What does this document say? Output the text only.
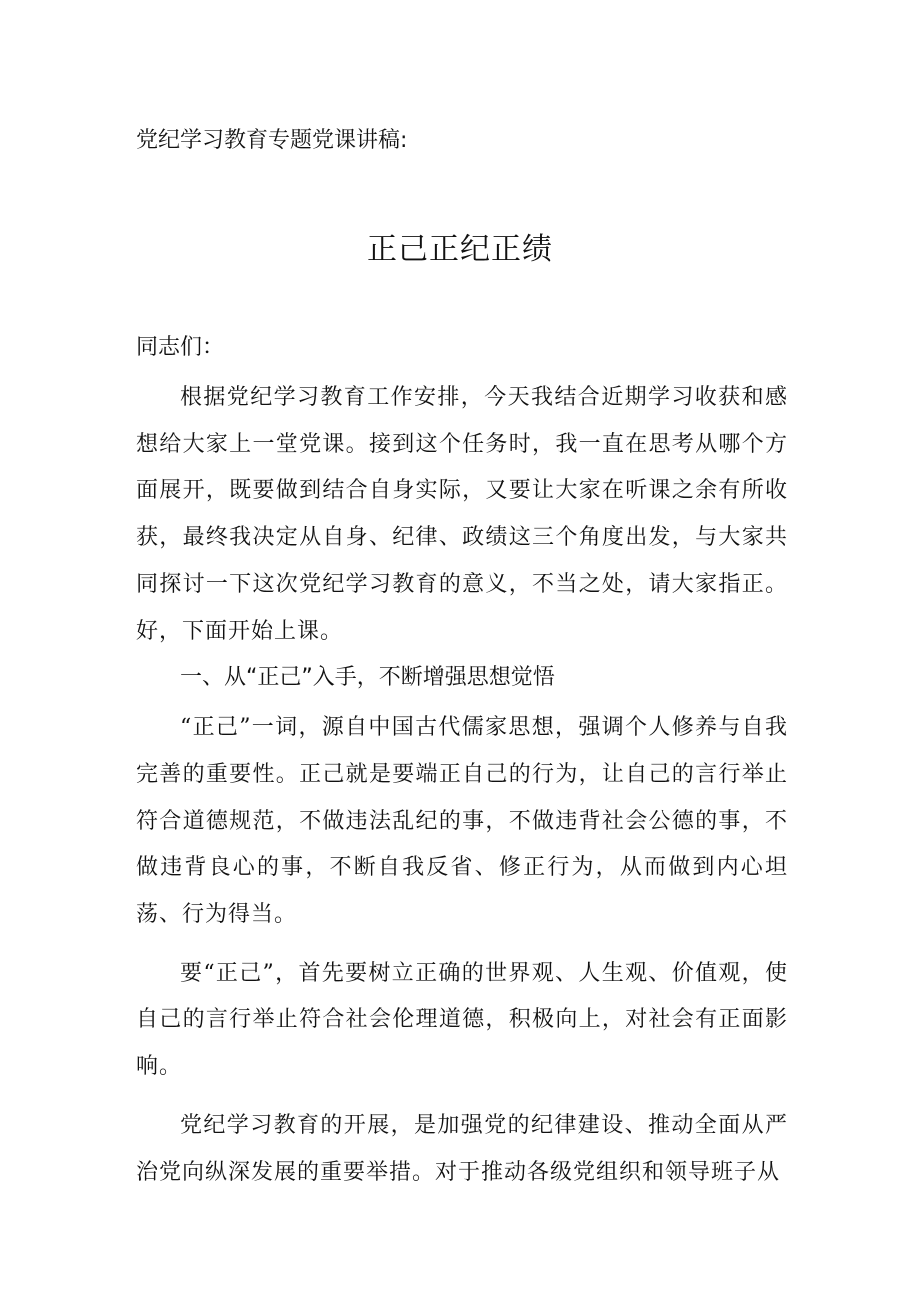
党纪学习教育专题党课讲稿:
正己正纪正绩

同志们：

根据党纪学习教育工作安排，今天我结合近期学习收获和感想给大家上一堂党课。接到这个任务时，我一直在思考从哪个方面展开，既要做到结合自身实际，又要让大家在听课之余有所收获，最终我决定从自身、纪律、政绩这三个角度出发，与大家共同探讨一下这次党纪学习教育的意义，不当之处，请大家指正。好，下面开始上课。

一、从“正己”入手，不断增强思想觉悟

“正己”一词，源自中国古代儒家思想，强调个人修养与自我完善的重要性。正己就是要端正自己的行为，让自己的言行举止符合道德规范，不做违法乱纪的事，不做违背社会公德的事，不做违背良心的事，不断自我反省、修正行为，从而做到内心坦荡、行为得当。

要“正己”，首先要树立正确的世界观、人生观、价值观，使自己的言行举止符合社会伦理道德，积极向上，对社会有正面影响。

党纪学习教育的开展，是加强党的纪律建设、推动全面从严治党向纵深发展的重要举措。对于推动各级党组织和领导班子从
